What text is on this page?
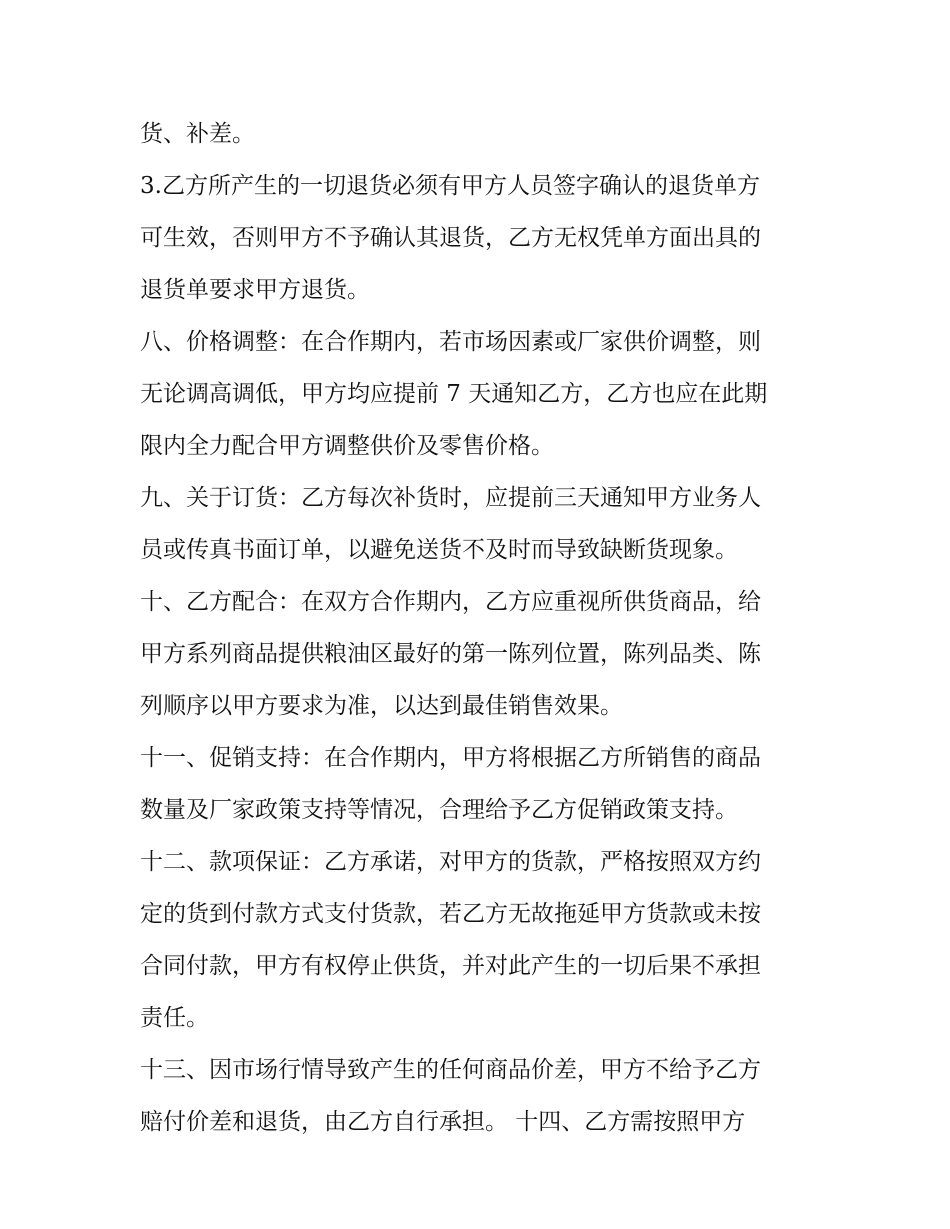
货、补差。
3.乙方所产生的一切退货必须有甲方人员签字确认的退货单方
可生效，否则甲方不予确认其退货，乙方无权凭单方面出具的
退货单要求甲方退货。
八、价格调整：在合作期内，若市场因素或厂家供价调整，则
无论调高调低，甲方均应提前 7 天通知乙方，乙方也应在此期
限内全力配合甲方调整供价及零售价格。
九、关于订货：乙方每次补货时，应提前三天通知甲方业务人
员或传真书面订单，以避免送货不及时而导致缺断货现象。
十、乙方配合：在双方合作期内，乙方应重视所供货商品，给
甲方系列商品提供粮油区最好的第一陈列位置，陈列品类、陈
列顺序以甲方要求为准，以达到最佳销售效果。
十一、促销支持：在合作期内，甲方将根据乙方所销售的商品
数量及厂家政策支持等情况，合理给予乙方促销政策支持。
十二、款项保证：乙方承诺，对甲方的货款，严格按照双方约
定的货到付款方式支付货款，若乙方无故拖延甲方货款或未按
合同付款，甲方有权停止供货，并对此产生的一切后果不承担
责任。
十三、因市场行情导致产生的任何商品价差，甲方不给予乙方
赔付价差和退货，由乙方自行承担。 十四、乙方需按照甲方
